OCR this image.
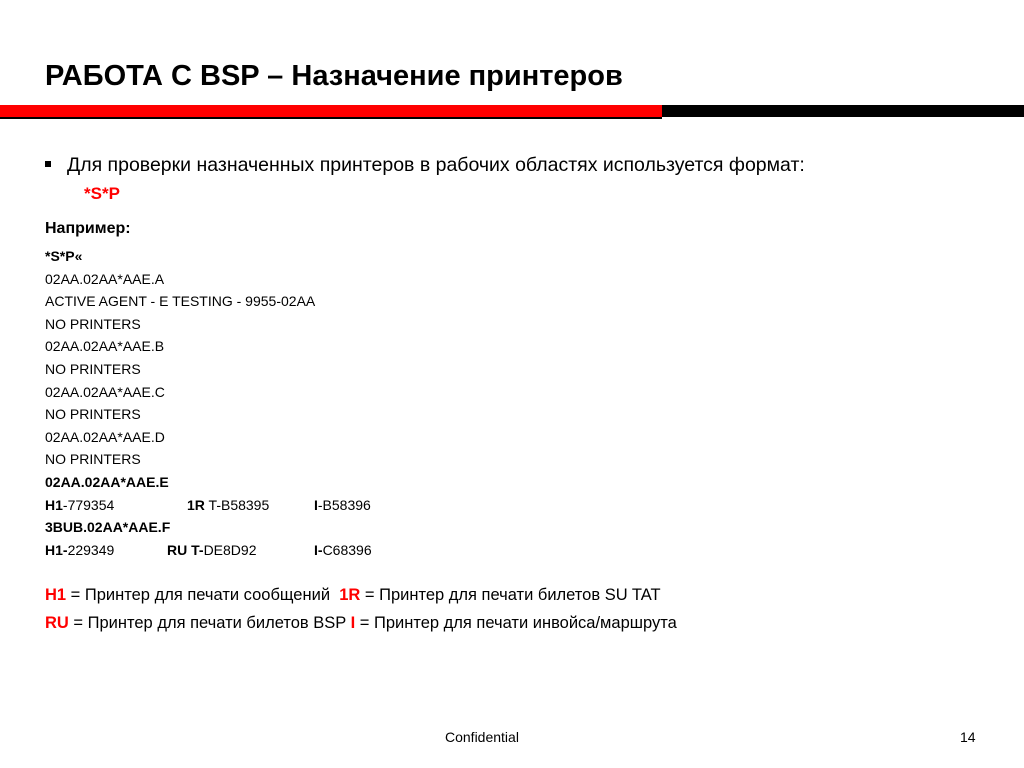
РАБОТА С BSP – Назначение принтеров
Для проверки назначенных принтеров в рабочих областях используется формат:
*S*P
Например:
*S*P«
02AA.02AA*AAE.A
ACTIVE AGENT - E TESTING - 9955-02AA
NO PRINTERS
02AA.02AA*AAE.B
NO PRINTERS
02AA.02AA*AAE.C
NO PRINTERS
02AA.02AA*AAE.D
NO PRINTERS
02AA.02AA*AAE.E
H1-779354	1R T-B58395	I-B58396
3BUB.02AA*AAE.F
H1-229349	RU T-DE8D92	I-C68396
H1 = Принтер для печати сообщений  1R = Принтер для печати билетов SU TAT
RU = Принтер для печати билетов BSP I = Принтер для печати инвойса/маршрута
Confidential	14
